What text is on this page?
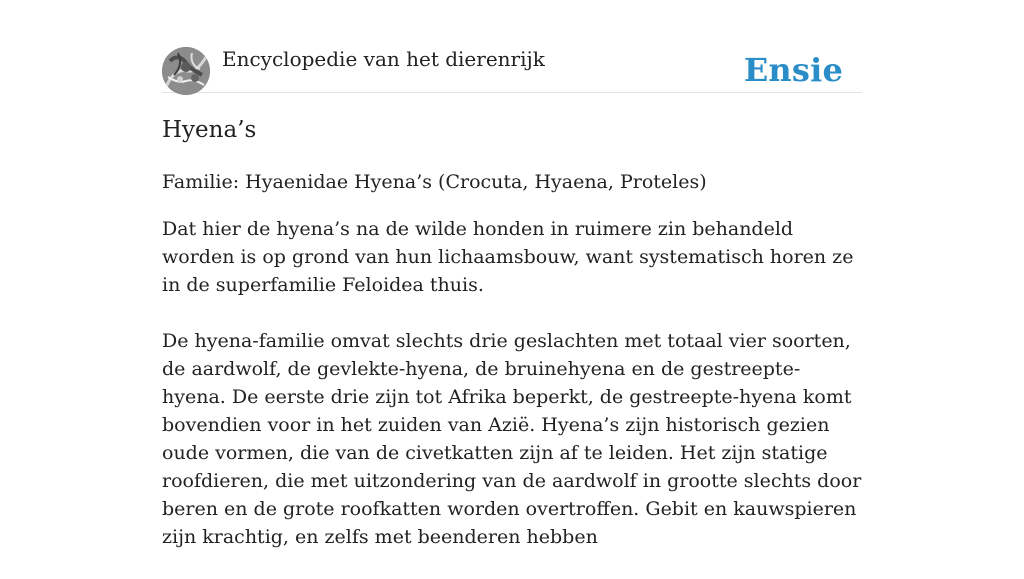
Encyclopedie van het dierenrijk	Ensie
Hyena’s

Familie: Hyaenidae Hyena’s (Crocuta, Hyaena, Proteles)

Dat hier de hyena’s na de wilde honden in ruimere zin behandeld worden is op grond van hun lichaamsbouw, want systematisch horen ze in de superfamilie Feloidea thuis.

De hyena-familie omvat slechts drie geslachten met totaal vier soorten, de aardwolf, de gevlekte-hyena, de bruinehyena en de gestreepte-hyena. De eerste drie zijn tot Afrika beperkt, de gestreepte-hyena komt bovendien voor in het zuiden van Azië. Hyena’s zijn historisch gezien oude vormen, die van de civetkatten zijn af te leiden. Het zijn statige roofdieren, die met uitzondering van de aardwolf in grootte slechts door beren en de grote roofkatten worden overtroffen. Gebit en kauwspieren zijn krachtig, en zelfs met beenderen hebben
